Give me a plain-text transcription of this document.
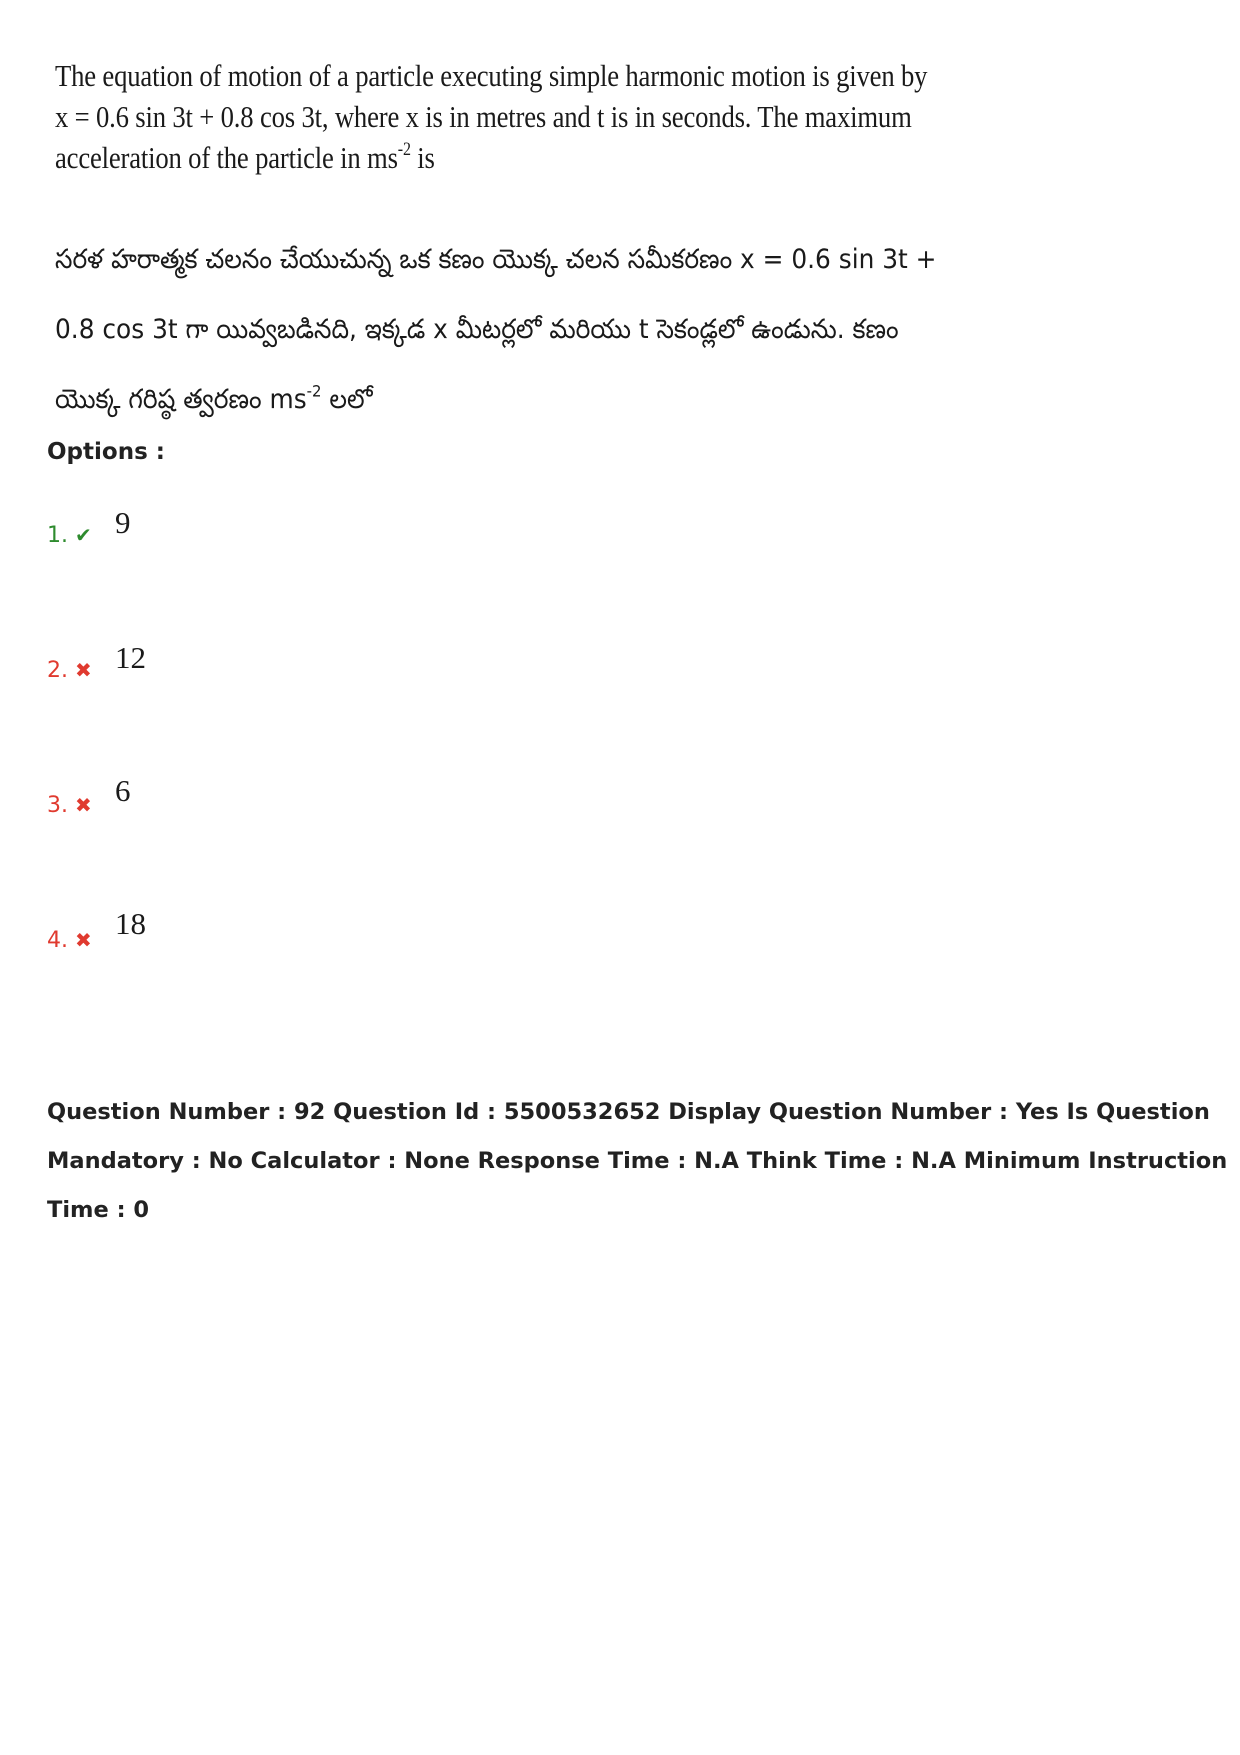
The equation of motion of a particle executing simple harmonic motion is given by
x = 0.6 sin 3t + 0.8 cos 3t, where x is in metres and t is in seconds. The maximum
acceleration of the particle in $ms^{-2}$ is
సరళ హరాత్మక చలనం చేయుచున్న ఒక కణం యొక్క చలన సమీకరణం x = 0.6 sin 3t +
0.8 cos 3t గా యివ్వబడినది, ఇక్కడ x మీటర్లలో మరియు t సెకండ్లలో ఉండును. కణం
యొక్క గరిష్ఠ త్వరణం $ms^{-2}$ లలో
Options :
1. ✔ 9
2. ✖ 12
3. ✖ 6
4. ✖ 18
Question Number : 92 Question Id : 5500532652 Display Question Number : Yes Is Question
Mandatory : No Calculator : None Response Time : N.A Think Time : N.A Minimum Instruction
Time : 0
